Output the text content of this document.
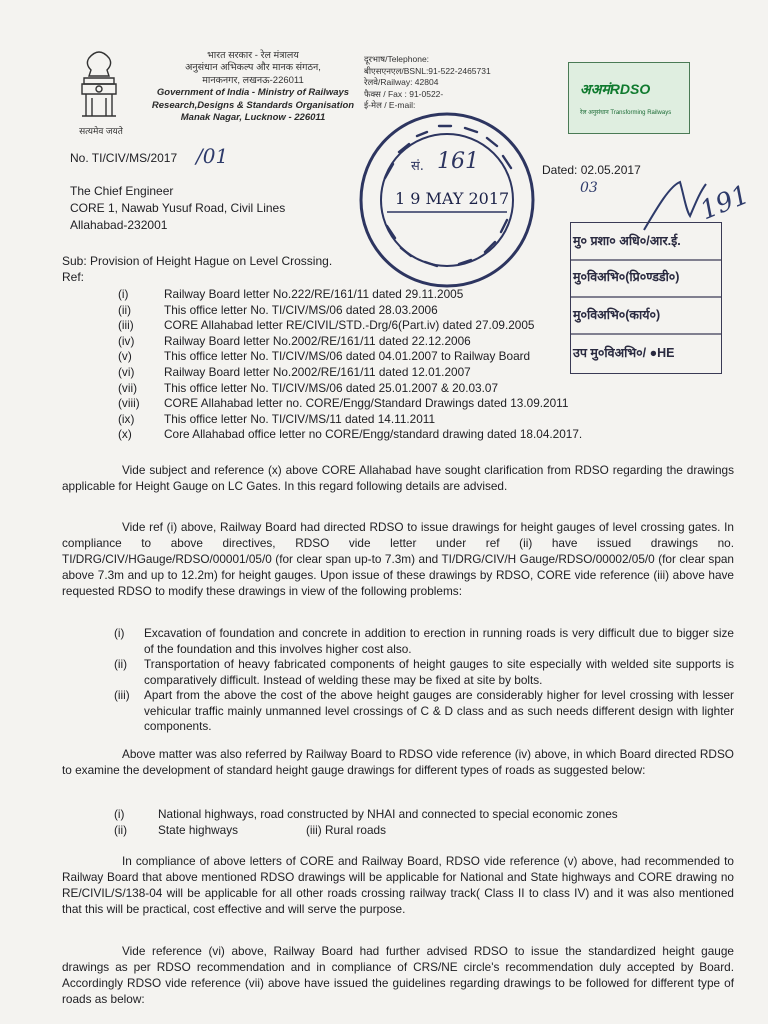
सत्यमेव जयते
भारत सरकार - रेल मंत्रालय
अनुसंधान अभिकल्प और मानक संगठन,
मानकनगर, लखनऊ-226011
Government of India - Ministry of Railways
Research,Designs & Standards Organisation
Manak Nagar, Lucknow - 226011
दूरभाष/Telephone:
बीएसएनएल/BSNL:91-522-2465731
रेलवे/Railway: 42804
फैक्स / Fax : 91-0522-
ई-मेल / E-mail:
अअमंRDSO
रेल अनुसंधान Transforming Railways
सं. 161
1 9 MAY 2017
No. TI/CIV/MS/2017 /01
Dated: 02.05.2017
03	191
The Chief Engineer
CORE 1, Nawab Yusuf Road, Civil Lines
Allahabad-232001
मु० प्रशा० अधि०/आर.ई.
मु०विअभि०(प्रि०ण्डडी०)
मु०विअभि०(कार्य०)
उप मु०विअभि०/ ●HE
Sub: Provision of Height Hague on Level Crossing.
Ref:
(i)	Railway Board letter No.222/RE/161/11 dated 29.11.2005
(ii)	This office letter No. TI/CIV/MS/06 dated 28.03.2006
(iii)	CORE Allahabad letter RE/CIVIL/STD.-Drg/6(Part.iv) dated 27.09.2005
(iv)	Railway Board letter No.2002/RE/161/11 dated 22.12.2006
(v)	This office letter No. TI/CIV/MS/06 dated 04.01.2007 to Railway Board
(vi)	Railway Board letter No.2002/RE/161/11 dated 12.01.2007
(vii) This office letter No. TI/CIV/MS/06 dated 25.01.2007 & 20.03.07
(viii) CORE Allahabad letter no. CORE/Engg/Standard Drawings dated 13.09.2011
(ix)	This office letter No. TI/CIV/MS/11 dated 14.11.2011
(x)	Core Allahabad office letter no CORE/Engg/standard drawing dated 18.04.2017.
Vide subject and reference (x) above CORE Allahabad have sought clarification from RDSO regarding the drawings applicable for Height Gauge on LC Gates. In this regard following details are advised.
Vide ref (i) above, Railway Board had directed RDSO to issue drawings for height gauges of level crossing gates. In compliance to above directives, RDSO vide letter under ref (ii) have issued drawings no. TI/DRG/CIV/HGauge/RDSO/00001/05/0 (for clear span up-to 7.3m) and TI/DRG/CIV/H Gauge/RDSO/00002/05/0 (for clear span above 7.3m and up to 12.2m) for height gauges. Upon issue of these drawings by RDSO, CORE vide reference (iii) above have requested RDSO to modify these drawings in view of the following problems:
(i) Excavation of foundation and concrete in addition to erection in running roads is very difficult due to bigger size of the foundation and this involves higher cost also.
(ii) Transportation of heavy fabricated components of height gauges to site especially with welded site supports is comparatively difficult. Instead of welding these may be fixed at site by bolts.
(iii) Apart from the above the cost of the above height gauges are considerably higher for level crossing with lesser vehicular traffic mainly unmanned level crossings of C & D class and as such needs different design with lighter components.
Above matter was also referred by Railway Board to RDSO vide reference (iv) above, in which Board directed RDSO to examine the development of standard height gauge drawings for different types of roads as suggested below:
(i)	National highways, road constructed by NHAI and connected to special economic zones
(ii)	State highways	(iii) Rural roads
In compliance of above letters of CORE and Railway Board, RDSO vide reference (v) above, had recommended to Railway Board that above mentioned RDSO drawings will be applicable for National and State highways and CORE drawing no RE/CIVIL/S/138-04 will be applicable for all other roads crossing railway track( Class II to class IV) and it was also mentioned that this will be practical, cost effective and will serve the purpose.
Vide reference (vi) above, Railway Board had further advised RDSO to issue the standardized height gauge drawings as per RDSO recommendation and in compliance of CRS/NE circle's recommendation duly accepted by Board. Accordingly RDSO vide reference (vii) above have issued the guidelines regarding drawings to be followed for different type of roads as below:
